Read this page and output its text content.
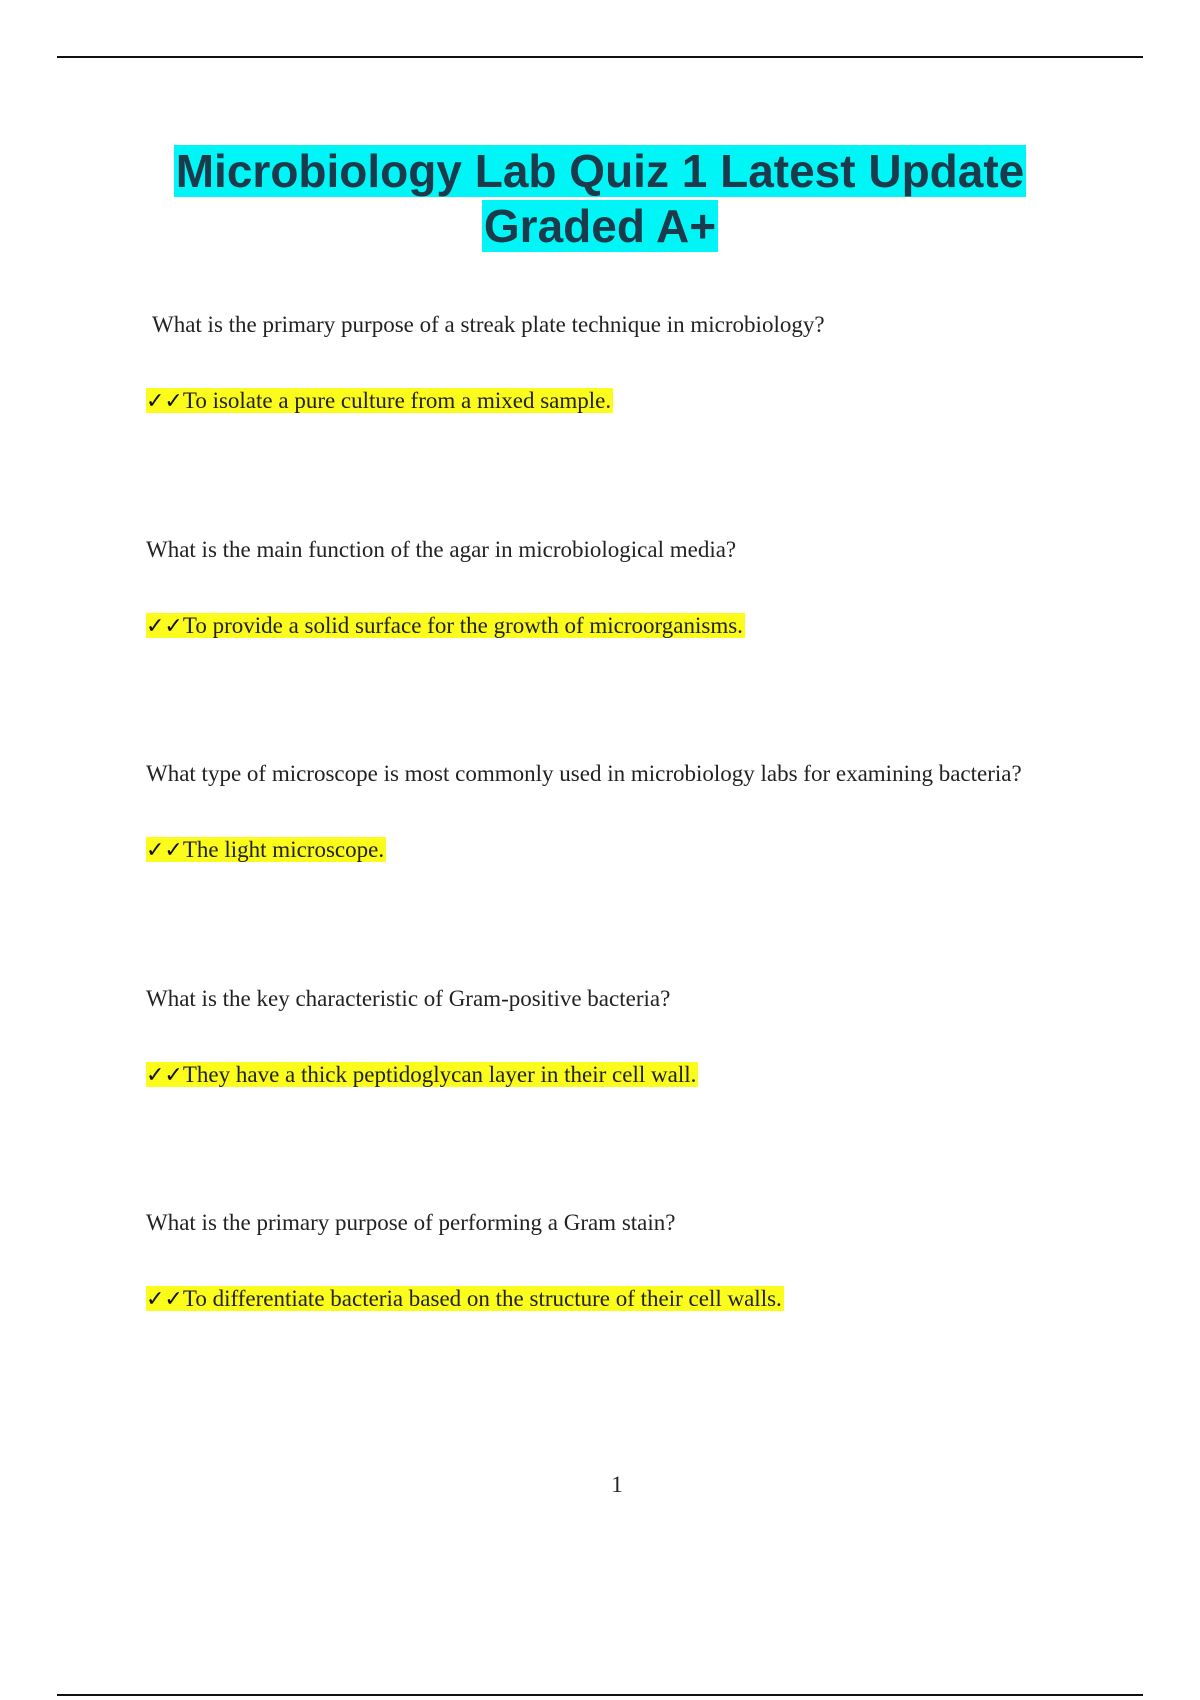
Microbiology Lab Quiz 1 Latest Update
Graded A+

What is the primary purpose of a streak plate technique in microbiology?

✓✓To isolate a pure culture from a mixed sample.

What is the main function of the agar in microbiological media?

✓✓To provide a solid surface for the growth of microorganisms.

What type of microscope is most commonly used in microbiology labs for examining bacteria?

✓✓The light microscope.

What is the key characteristic of Gram-positive bacteria?

✓✓They have a thick peptidoglycan layer in their cell wall.

What is the primary purpose of performing a Gram stain?

✓✓To differentiate bacteria based on the structure of their cell walls.
1
